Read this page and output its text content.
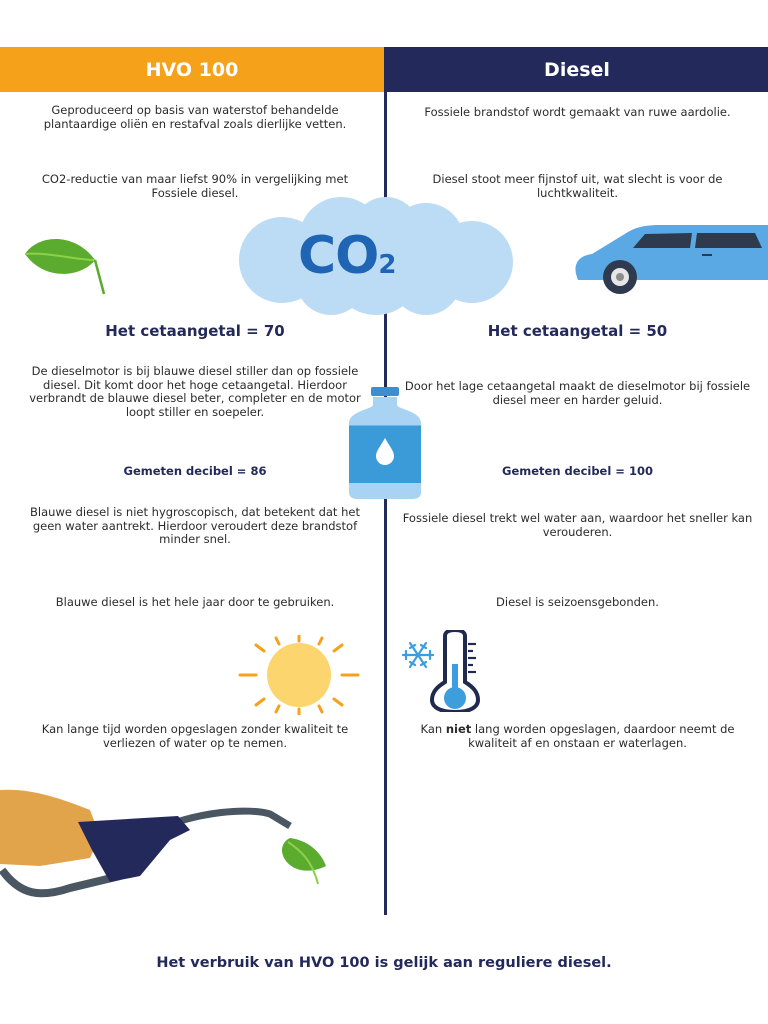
HVO 100	Diesel
Geproduceerd op basis van waterstof behandelde plantaardige oliën en restafval zoals dierlijke vetten.
CO2-reductie van maar liefst 90% in vergelijking met Fossiele diesel.
Het cetaangetal = 70
De dieselmotor is bij blauwe diesel stiller dan op fossiele diesel. Dit komt door het hoge cetaangetal. Hierdoor verbrandt de blauwe diesel beter, completer en de motor loopt stiller en soepeler.
Gemeten decibel = 86
Blauwe diesel is niet hygroscopisch, dat betekent dat het geen water aantrekt. Hierdoor veroudert deze brandstof minder snel.
Blauwe diesel is het hele jaar door te gebruiken.
Kan lange tijd worden opgeslagen zonder kwaliteit te verliezen of water op te nemen.
Fossiele brandstof wordt gemaakt van ruwe aardolie.
Diesel stoot meer fijnstof uit, wat slecht is voor de luchtkwaliteit.
Het cetaangetal = 50
Door het lage cetaangetal maakt de dieselmotor bij fossiele diesel meer en harder geluid.
Gemeten decibel = 100
Fossiele diesel trekt wel water aan, waardoor het sneller kan verouderen.
Diesel is seizoensgebonden.
Kan niet lang worden opgeslagen, daardoor neemt de kwaliteit af en onstaan er waterlagen.
CO2
Het verbruik van HVO 100 is gelijk aan reguliere diesel.
